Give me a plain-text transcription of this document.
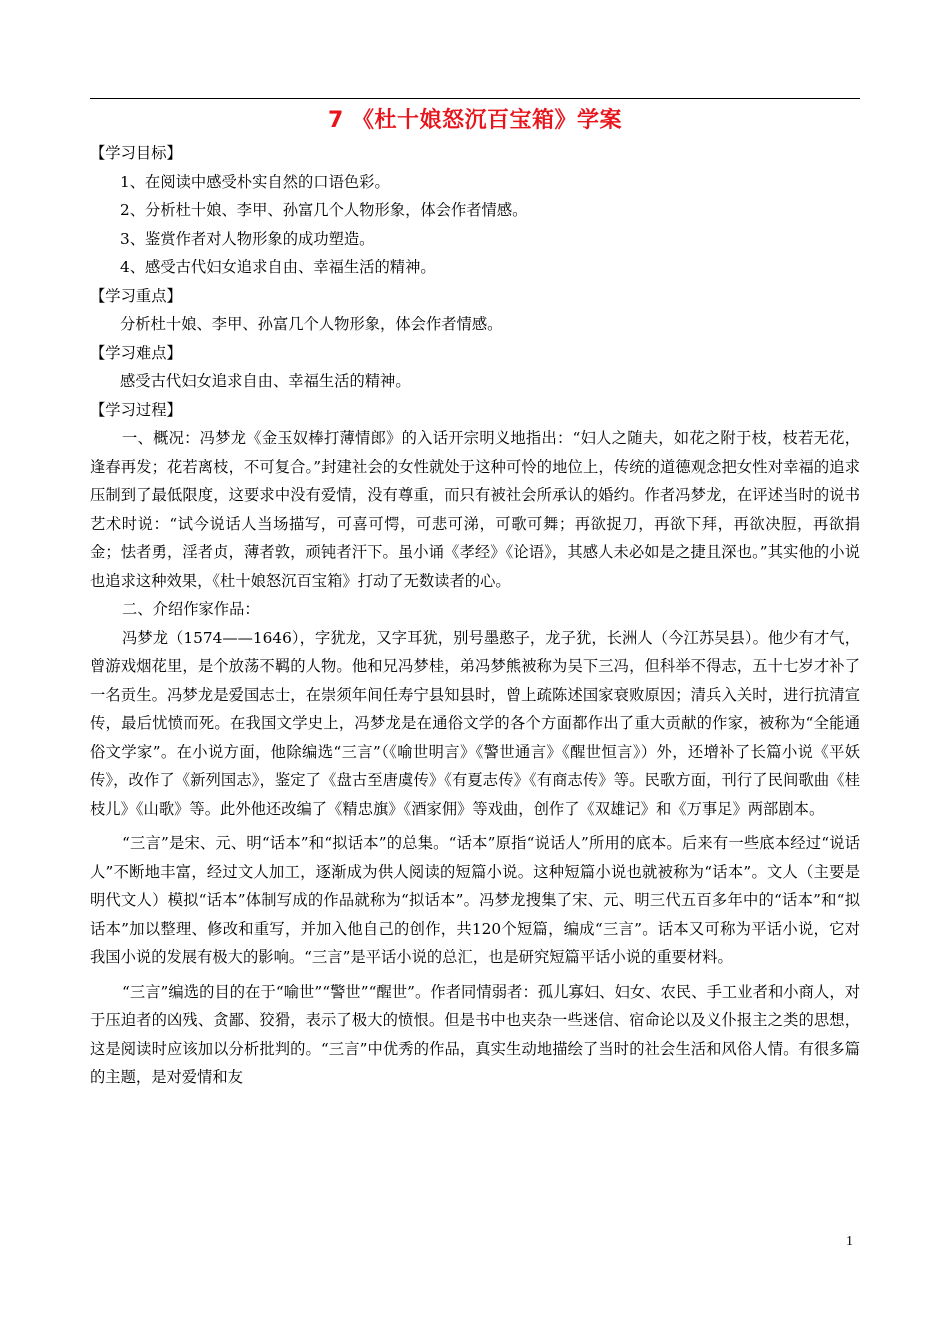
7 《杜十娘怒沉百宝箱》学案
【学习目标】
1、在阅读中感受朴实自然的口语色彩。
2、分析杜十娘、李甲、孙富几个人物形象，体会作者情感。
3、鉴赏作者对人物形象的成功塑造。
4、感受古代妇女追求自由、幸福生活的精神。
【学习重点】
分析杜十娘、李甲、孙富几个人物形象，体会作者情感。
【学习难点】
感受古代妇女追求自由、幸福生活的精神。
【学习过程】

一、概况：冯梦龙《金玉奴棒打薄情郎》的入话开宗明义地指出：“妇人之随夫，如花之附于枝，枝若无花，逢春再发；花若离枝，不可复合。”封建社会的女性就处于这种可怜的地位上，传统的道德观念把女性对幸福的追求压制到了最低限度，这要求中没有爱情，没有尊重，而只有被社会所承认的婚约。作者冯梦龙，在评述当时的说书艺术时说：“试今说话人当场描写，可喜可愕，可悲可涕，可歌可舞；再欲捉刀，再欲下拜，再欲决脰，再欲捐金；怯者勇，淫者贞，薄者敦，顽钝者汗下。虽小诵《孝经》《论语》，其感人未必如是之捷且深也。”其实他的小说也追求这种效果，《杜十娘怒沉百宝箱》打动了无数读者的心。

二、介绍作家作品：

冯梦龙（1574——1646），字犹龙，又字耳犹，别号墨憨子，龙子犹，长洲人（今江苏吴县）。他少有才气，曾游戏烟花里，是个放荡不羁的人物。他和兄冯梦桂，弟冯梦熊被称为吴下三冯，但科举不得志，五十七岁才补了一名贡生。冯梦龙是爱国志士，在崇须年间任寿宁县知县时，曾上疏陈述国家衰败原因；清兵入关时，进行抗清宣传，最后忧愤而死。在我国文学史上，冯梦龙是在通俗文学的各个方面都作出了重大贡献的作家，被称为“全能通俗文学家”。在小说方面，他除编选“三言”（《喻世明言》《警世通言》《醒世恒言》）外，还增补了长篇小说《平妖传》，改作了《新列国志》，鉴定了《盘古至唐虞传》《有夏志传》《有商志传》等。民歌方面，刊行了民间歌曲《桂枝儿》《山歌》等。此外他还改编了《精忠旗》《酒家佣》等戏曲，创作了《双雄记》和《万事足》两部剧本。

“三言”是宋、元、明“话本”和“拟话本”的总集。“话本”原指“说话人”所用的底本。后来有一些底本经过“说话人”不断地丰富，经过文人加工，逐渐成为供人阅读的短篇小说。这种短篇小说也就被称为“话本”。文人（主要是明代文人）模拟“话本”体制写成的作品就称为“拟话本”。冯梦龙搜集了宋、元、明三代五百多年中的“话本”和“拟话本”加以整理、修改和重写，并加入他自己的创作，共120个短篇，编成“三言”。话本又可称为平话小说，它对我国小说的发展有极大的影响。“三言”是平话小说的总汇，也是研究短篇平话小说的重要材料。

“三言”编选的目的在于“喻世”“警世”“醒世”。作者同情弱者：孤儿寡妇、妇女、农民、手工业者和小商人，对于压迫者的凶残、贪鄙、狡猾，表示了极大的愤恨。但是书中也夹杂一些迷信、宿命论以及义仆报主之类的思想，这是阅读时应该加以分析批判的。“三言”中优秀的作品，真实生动地描绘了当时的社会生活和风俗人情。有很多篇的主题，是对爱情和友

1
